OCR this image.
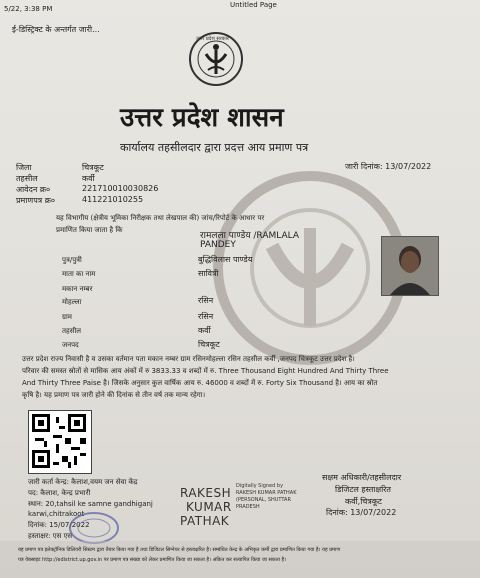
5/22, 3:38 PM	Untitled Page
ई-डिस्ट्रिक्ट के अन्तर्गत जारी...
उत्तर प्रदेश सरकार
उत्तर प्रदेश शासन
कार्यालय तहसीलदार द्वारा प्रदत्त आय प्रमाण पत्र
जारी दिनांक: 13/07/2022
जिला	चित्रकूट
तहसील	कर्वी
आवेदन क्र०	221710010030826
प्रमाणपत्र क्र०	411221010255
यह विभागीय (क्षेत्रीय भूमिका निरीक्षक तथा लेखपाल की) जांच/रिपोर्ट के आधार पर
प्रमाणित किया जाता है कि
रामलला पाण्डेय /RAMLALA
PANDEY
पुत्र/पुत्री	बुद्धिविलास पाण्डेय
माता का नाम	सावित्री
मकान नम्बर
मोहल्ला	रसिन
ग्राम	रसिन
तहसील	कर्वी
जनपद	चित्रकूट
उत्तर प्रदेश राज्य निवासी है व उसका वर्तमान पता मकान नम्बर ग्राम रसिनमोहल्ला रसिन तहसील कर्वी ,जनपद चित्रकूट उत्तर प्रदेश है।
परिवार की समस्त स्रोतों से मासिक आय अंकों में रु 3833.33 व शब्दों में रु. Three Thousand Eight Hundred And Thirty Three
And Thirty Three Paise है। जिसके अनुसार कुल वार्षिक आय रु. 46000 व शब्दों में रु. Forty Six Thousand है। आय का स्रोत
कृषि है। यह प्रमाण पत्र जारी होने की दिनांक से तीन वर्ष तक मान्य रहेगा।
जारी कर्ता केन्द्र: कैलाश,वयम जन सेवा केंद्र
पद: कैलाश, केन्द्र प्रभारी
स्थान: 20,tahsil ke samne gandhiganj
karwi,chitrakoot
दिनांक: 15/07/2022
हस्ताक्षर: एस एस
RAKESH
KUMAR
PATHAK
Digitally Signed by
RAKESH KUMAR PATHAK
(PERSONAL, SHUTTAR
PRADESH
सक्षम अधिकारी/तहसीलदार
डिजिटल हस्ताक्षरित
कर्वी,चित्रकूट
दिनांक: 13/07/2022
यह प्रमाण पत्र इलेक्ट्रॉनिक डिलिवरी सिस्टम द्वारा तैयार किया गया है तथा डिजिटल सिग्नेचर से हस्ताक्षरित है। सम्बंधित केन्द्र के अभिकृत कर्मी द्वारा प्रमाणित किया गया है। यह प्रमाण
पत्र वेबसाइट http://edistrict.up.gov.in पर प्रमाण पत्र संख्या को लेकर प्रमाणित किया जा सकता है। अंकित कर सत्यापित किया जा सकता है।
